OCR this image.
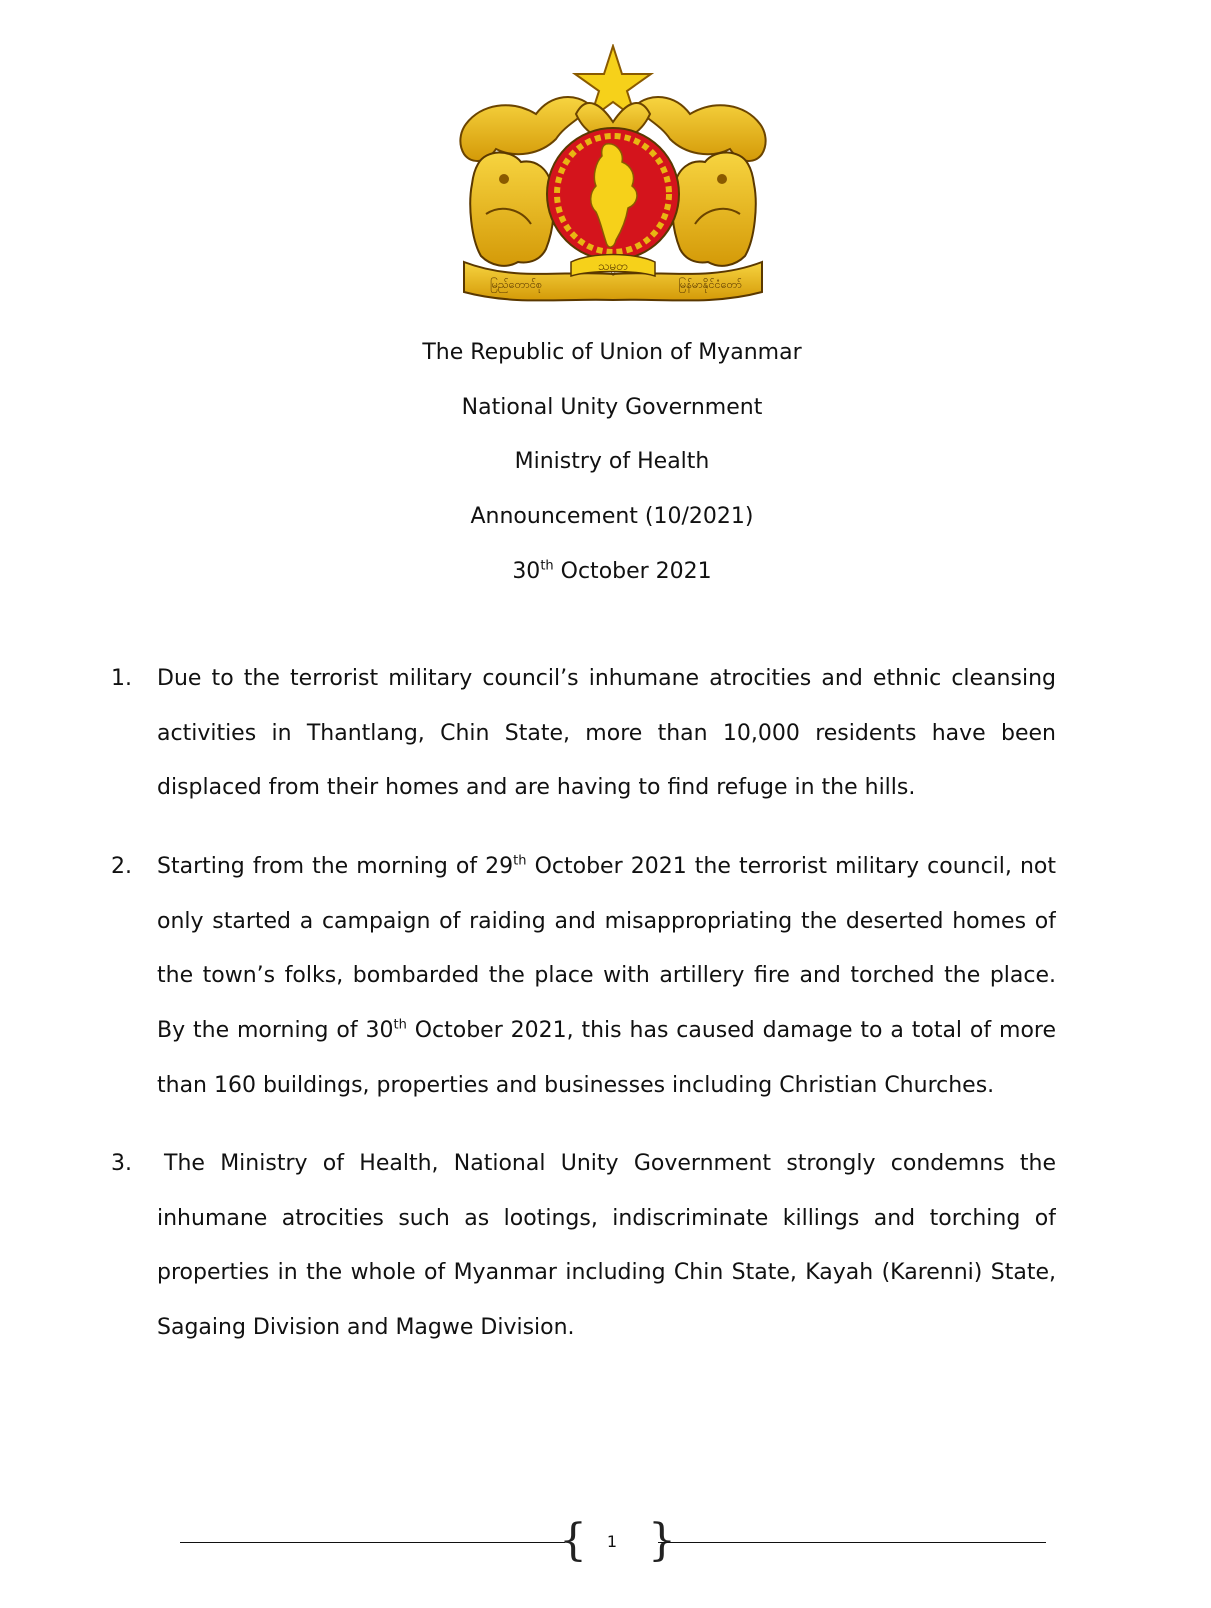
သမ္မတ
မြည်တောင်စု	မြန်မာနိုင်ငံတော်
The Republic of Union of Myanmar
National Unity Government
Ministry of Health
Announcement (10/2021)
30th October 2021
1. Due to the terrorist military council’s inhumane atrocities and ethnic cleansing
activities in Thantlang, Chin State, more than 10,000 residents have been
displaced from their homes and are having to find refuge in the hills.
2. Starting from the morning of 29th October 2021 the terrorist military council, not
only started a campaign of raiding and misappropriating the deserted homes of
the town’s folks, bombarded the place with artillery fire and torched the place.
By the morning of 30th October 2021, this has caused damage to a total of more
than 160 buildings, properties and businesses including Christian Churches.
3.	The Ministry of Health, National Unity Government strongly condemns the
inhumane atrocities such as lootings, indiscriminate killings and torching of
properties in the whole of Myanmar including Chin State, Kayah (Karenni) State,
Sagaing Division and Magwe Division.
{	1 }
